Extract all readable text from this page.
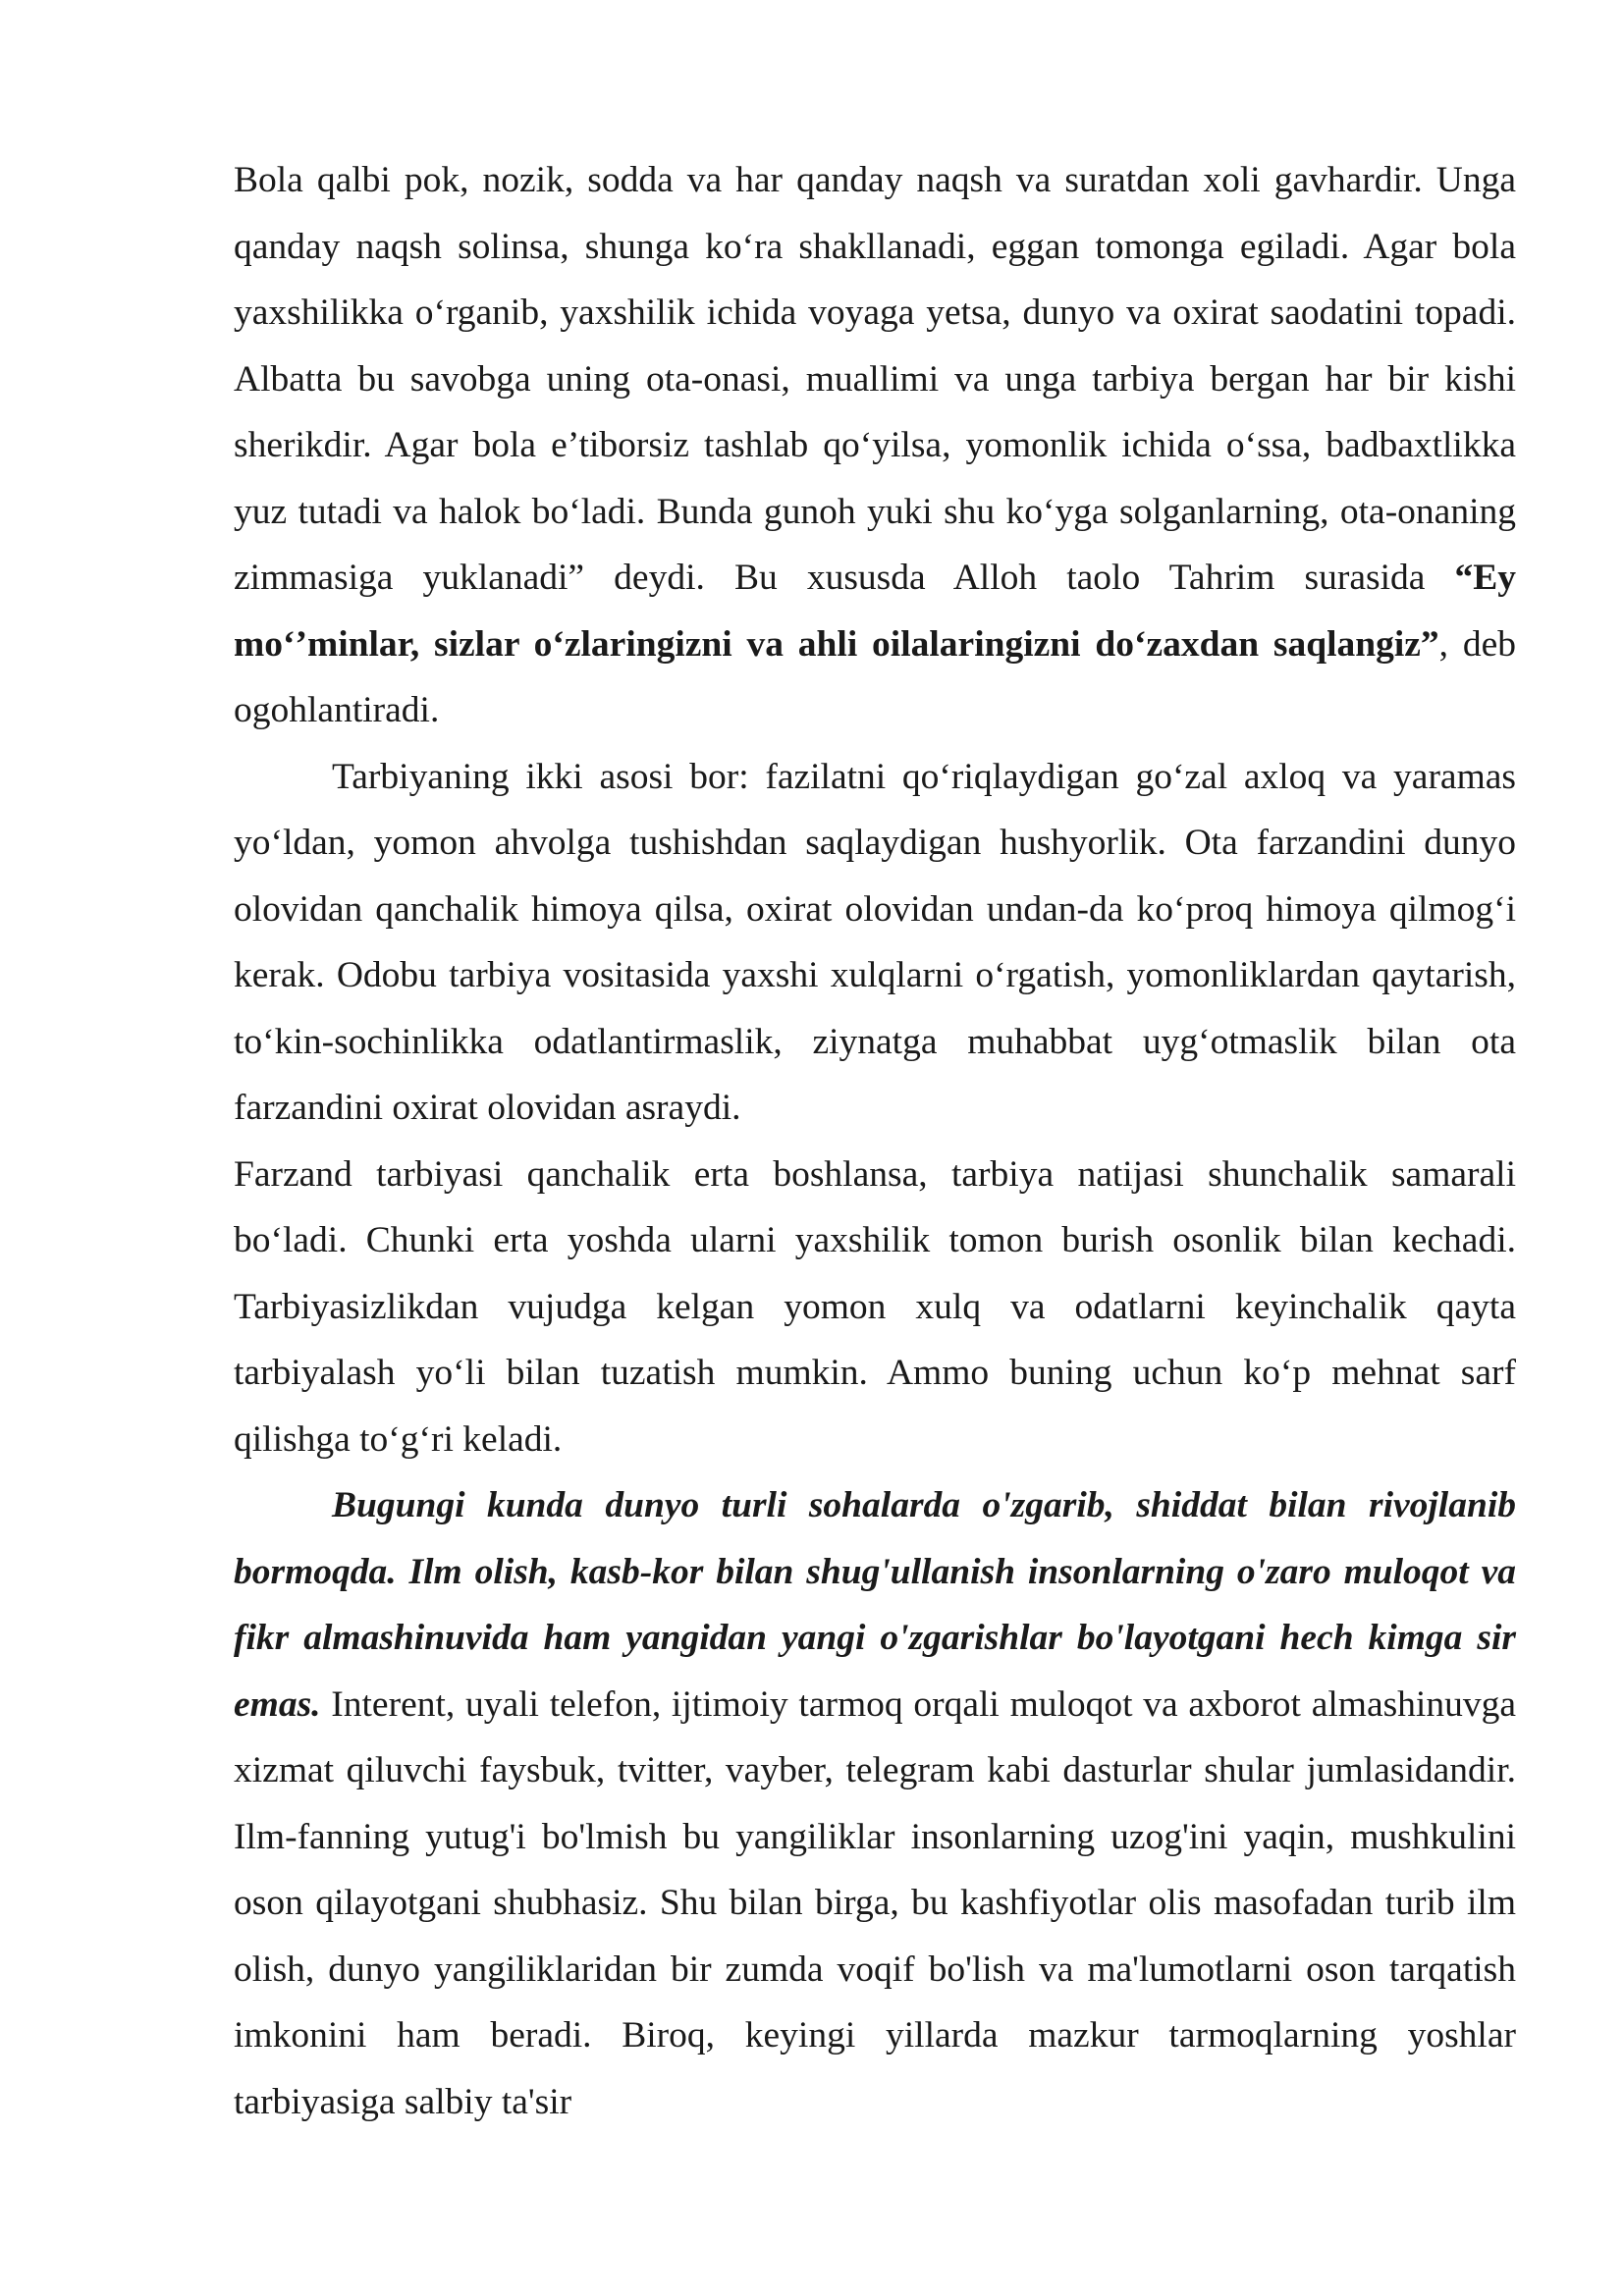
Bola qalbi pok, nozik, sodda va har qanday naqsh va suratdan xoli gavhardir. Unga qanday naqsh solinsa, shunga ko‘ra shakllanadi, eggan tomonga egiladi. Agar bola yaxshilikka o‘rganib, yaxshilik ichida voyaga yetsa, dunyo va oxirat saodatini topadi. Albatta bu savobga uning ota-onasi, muallimi va unga tarbiya bergan har bir kishi sherikdir. Agar bola e’tiborsiz tashlab qo‘yilsa, yomonlik ichida o‘ssa, badbaxtlikka yuz tutadi va halok bo‘ladi. Bunda gunoh yuki shu ko‘yga solganlarning, ota-onaning zimmasiga yuklanadi” deydi. Bu xususda Alloh taolo Tahrim surasida “Ey mo‘’minlar, sizlar o‘zlaringizni va ahli oilalaringizni do‘zaxdan saqlangiz”, deb ogohlantiradi.

Tarbiyaning ikki asosi bor: fazilatni qo‘riqlaydigan go‘zal axloq va yaramas yo‘ldan, yomon ahvolga tushishdan saqlaydigan hushyorlik. Ota farzandini dunyo olovidan qanchalik himoya qilsa, oxirat olovidan undan-da ko‘proq himoya qilmog‘i kerak. Odobu tarbiya vositasida yaxshi xulqlarni o‘rgatish, yomonliklardan qaytarish, to‘kin-sochinlikka odatlantirmaslik, ziynatga muhabbat uyg‘otmaslik bilan ota farzandini oxirat olovidan asraydi.

Farzand tarbiyasi qanchalik erta boshlansa, tarbiya natijasi shunchalik samarali bo‘ladi. Chunki erta yoshda ularni yaxshilik tomon burish osonlik bilan kechadi. Tarbiyasizlikdan vujudga kelgan yomon xulq va odatlarni keyinchalik qayta tarbiyalash yo‘li bilan tuzatish mumkin. Ammo buning uchun ko‘p mehnat sarf qilishga to‘g‘ri keladi.

Bugungi kunda dunyo turli sohalarda o'zgarib, shiddat bilan rivojlanib bormoqda. Ilm olish, kasb-kor bilan shug'ullanish insonlarning o'zaro muloqot va fikr almashinuvida ham yangidan yangi o'zgarishlar bo'layotgani hech kimga sir emas. Interent, uyali telefon, ijtimoiy tarmoq orqali muloqot va axborot almashinuvga xizmat qiluvchi faysbuk, tvitter, vayber, telegram kabi dasturlar shular jumlasidandir. Ilm-fanning yutug'i bo'lmish bu yangiliklar insonlarning uzog'ini yaqin, mushkulini oson qilayotgani shubhasiz. Shu bilan birga, bu kashfiyotlar olis masofadan turib ilm olish, dunyo yangiliklaridan bir zumda voqif bo'lish va ma'lumotlarni oson tarqatish imkonini ham beradi. Biroq, keyingi yillarda mazkur tarmoqlarning yoshlar tarbiyasiga salbiy ta'sir
